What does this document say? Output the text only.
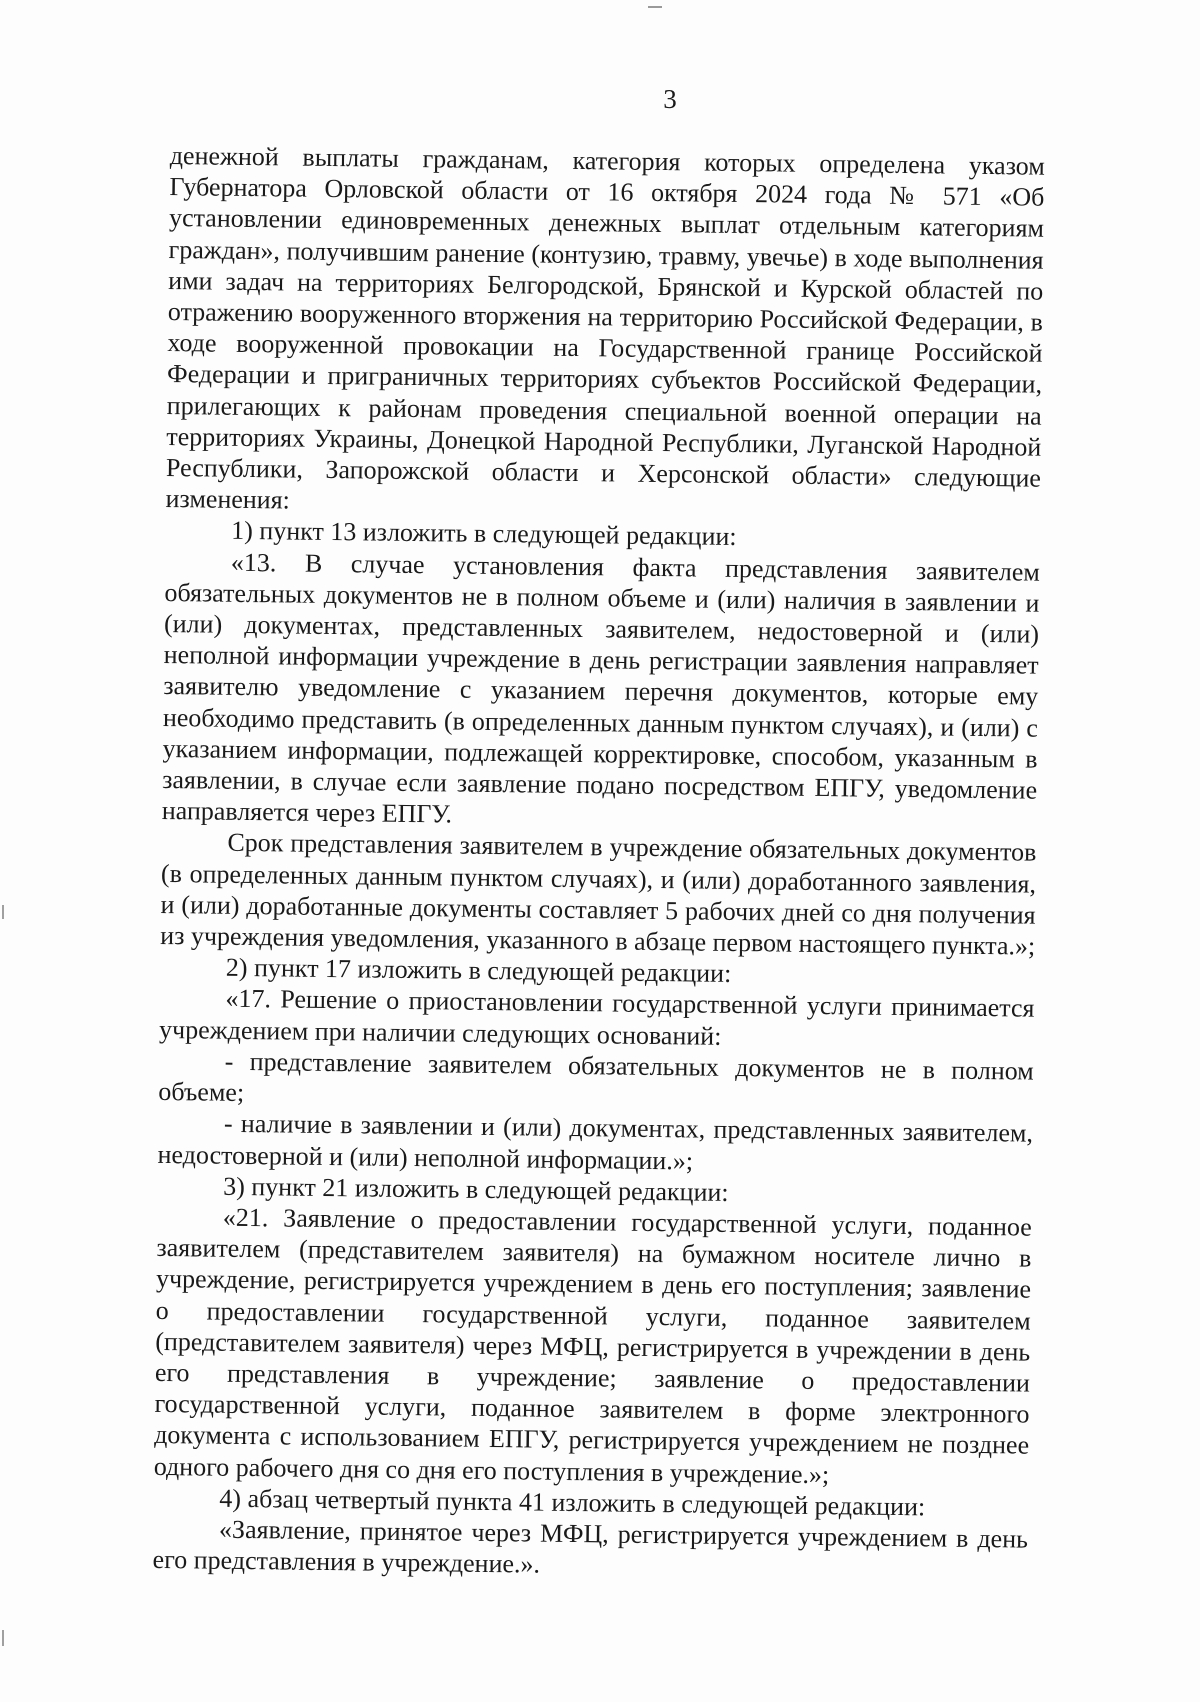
3

денежной выплаты гражданам, категория которых определена указом Губернатора Орловской области от 16 октября 2024 года № 571 «Об установлении единовременных денежных выплат отдельным категориям граждан», получившим ранение (контузию, травму, увечье) в ходе выполнения ими задач на территориях Белгородской, Брянской и Курской областей по отражению вооруженного вторжения на территорию Российской Федерации, в ходе вооруженной провокации на Государственной границе Российской Федерации и приграничных территориях субъектов Российской Федерации, прилегающих к районам проведения специальной военной операции на территориях Украины, Донецкой Народной Республики, Луганской Народной Республики, Запорожской области и Херсонской области» следующие изменения:

1) пункт 13 изложить в следующей редакции:

«13. В случае установления факта представления заявителем обязательных документов не в полном объеме и (или) наличия в заявлении и (или) документах, представленных заявителем, недостоверной и (или) неполной информации учреждение в день регистрации заявления направляет заявителю уведомление с указанием перечня документов, которые ему необходимо представить (в определенных данным пунктом случаях), и (или) с указанием информации, подлежащей корректировке, способом, указанным в заявлении, в случае если заявление подано посредством ЕПГУ, уведомление направляется через ЕПГУ.

Срок представления заявителем в учреждение обязательных документов (в определенных данным пунктом случаях), и (или) доработанного заявления, и (или) доработанные документы составляет 5 рабочих дней со дня получения из учреждения уведомления, указанного в абзаце первом настоящего пункта.»;

2) пункт 17 изложить в следующей редакции:

«17. Решение о приостановлении государственной услуги принимается учреждением при наличии следующих оснований:

- представление заявителем обязательных документов не в полном объеме;

- наличие в заявлении и (или) документах, представленных заявителем, недостоверной и (или) неполной информации.»;

3) пункт 21 изложить в следующей редакции:

«21. Заявление о предоставлении государственной услуги, поданное заявителем (представителем заявителя) на бумажном носителе лично в учреждение, регистрируется учреждением в день его поступления; заявление о предоставлении государственной услуги, поданное заявителем (представителем заявителя) через МФЦ, регистрируется в учреждении в день его представления в учреждение; заявление о предоставлении государственной услуги, поданное заявителем в форме электронного документа с использованием ЕПГУ, регистрируется учреждением не позднее одного рабочего дня со дня его поступления в учреждение.»;

4) абзац четвертый пункта 41 изложить в следующей редакции:

«Заявление, принятое через МФЦ, регистрируется учреждением в день его представления в учреждение.».
